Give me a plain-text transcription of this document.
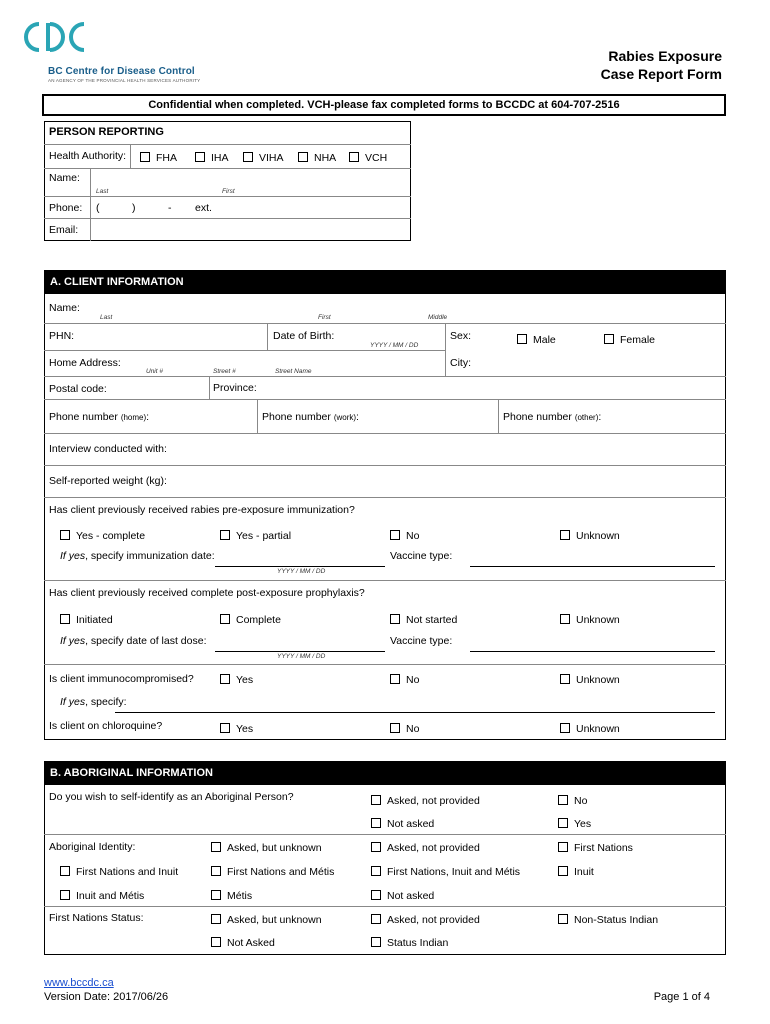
BC Centre for Disease Control
AN AGENCY OF THE PROVINCIAL HEALTH SERVICES AUTHORITY
Rabies Exposure
Case Report Form
Confidential when completed. VCH-please fax completed forms to BCCDC at 604-707-2516
PERSON REPORTING
Health Authority:	FHA	IHA	VIHA	NHA	VCH
Name:
Last	First
Phone: (	)	- ext.
Email:
A. CLIENT INFORMATION
Name:
Last	First	Middle
PHN:	Date of Birth:
YYYY / MM / DD
Sex:	Male	Female
Home Address:
Unit #	Street #	Street Name
City:
Postal code:	Province:
Phone number (home):	Phone number (work):	Phone number (other):
Interview conducted with:
Self-reported weight (kg):
Has client previously received rabies pre-exposure immunization?
Yes - complete	Yes - partial	No	Unknown
If yes, specify immunization date:
YYYY / MM / DD
Vaccine type:
Has client previously received complete post-exposure prophylaxis?
Initiated	Complete	Not started	Unknown
If yes, specify date of last dose:
YYYY / MM / DD
Vaccine type:
Is client immunocompromised?	Yes	No	Unknown
If yes, specify:
Is client on chloroquine?	Yes	No	Unknown
B. ABORIGINAL INFORMATION
Do you wish to self-identify as an Aboriginal Person?	Asked, not provided	No
Not asked	Yes
Aboriginal Identity:	Asked, but unknown	Asked, not provided	First Nations
First Nations and Inuit	First Nations and Métis	First Nations, Inuit and Métis	Inuit
Inuit and Métis	Métis	Not asked
First Nations Status:	Asked, but unknown	Asked, not provided	Non-Status Indian
Not Asked	Status Indian
www.bccdc.ca
Version Date: 2017/06/26	Page 1 of 4
